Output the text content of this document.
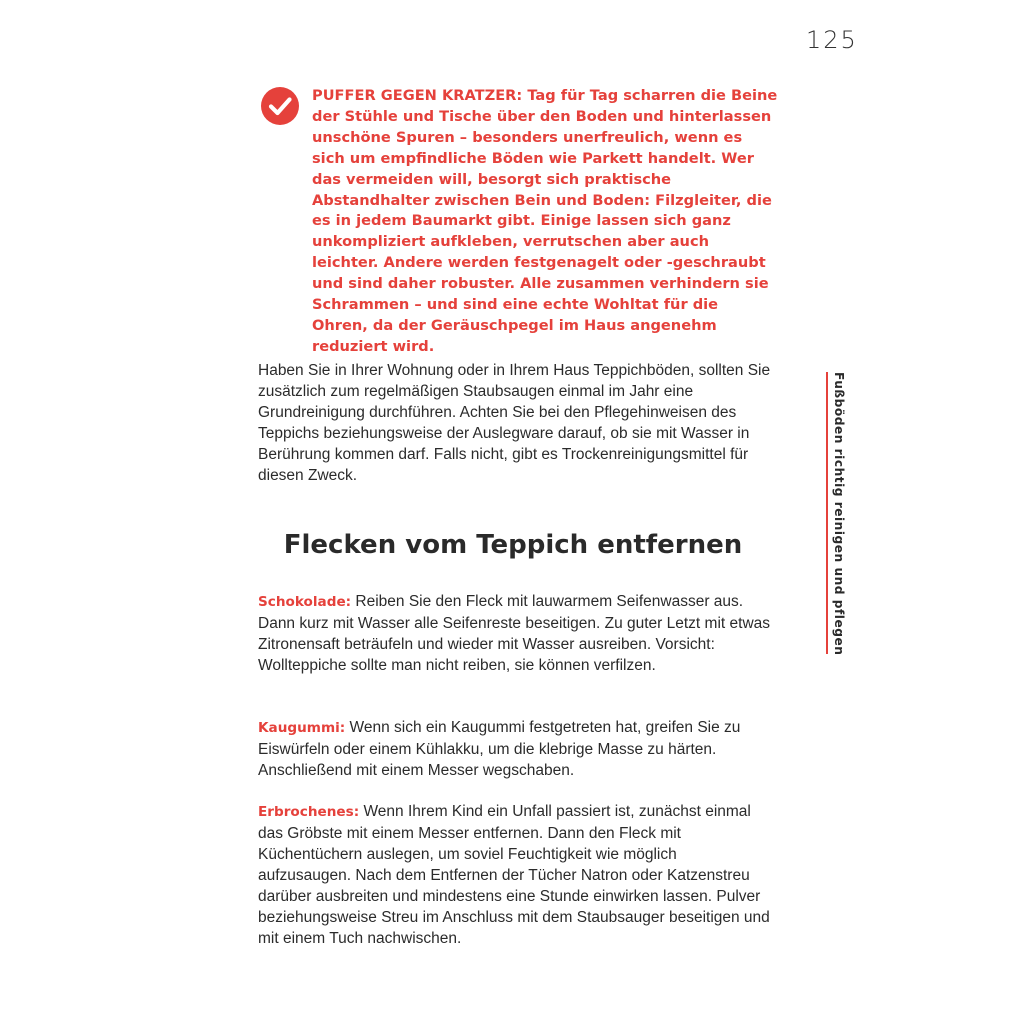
125

PUFFER GEGEN KRATZER: Tag für Tag scharren die Beine der Stühle und Tische über den Boden und hinterlassen unschöne Spuren – besonders unerfreulich, wenn es sich um empfindliche Böden wie Parkett handelt. Wer das vermeiden will, besorgt sich praktische Abstandhalter zwischen Bein und Boden: Filzgleiter, die es in jedem Baumarkt gibt. Einige lassen sich ganz unkompliziert aufkleben, verrutschen aber auch leichter. Andere werden festgenagelt oder -geschraubt und sind daher robuster. Alle zusammen verhindern sie Schrammen – und sind eine echte Wohltat für die Ohren, da der Geräuschpegel im Haus angenehm reduziert wird.

Haben Sie in Ihrer Wohnung oder in Ihrem Haus Teppichböden, sollten Sie zusätzlich zum regelmäßigen Staubsaugen einmal im Jahr eine Grundreinigung durchführen. Achten Sie bei den Pflegehinweisen des Teppichs beziehungsweise der Auslegware darauf, ob sie mit Wasser in Berührung kommen darf. Falls nicht, gibt es Trockenreinigungsmittel für diesen Zweck.

Flecken vom Teppich entfernen

Schokolade: Reiben Sie den Fleck mit lauwarmem Seifenwasser aus. Dann kurz mit Wasser alle Seifenreste beseitigen. Zu guter Letzt mit etwas Zitronensaft beträufeln und wieder mit Wasser ausreiben. Vorsicht: Wollteppiche sollte man nicht reiben, sie können verfilzen.

Kaugummi: Wenn sich ein Kaugummi festgetreten hat, greifen Sie zu Eiswürfeln oder einem Kühlakku, um die klebrige Masse zu härten. Anschließend mit einem Messer wegschaben.

Erbrochenes: Wenn Ihrem Kind ein Unfall passiert ist, zunächst einmal das Gröbste mit einem Messer entfernen. Dann den Fleck mit Küchentüchern auslegen, um soviel Feuchtigkeit wie möglich aufzusaugen. Nach dem Entfernen der Tücher Natron oder Katzenstreu darüber ausbreiten und mindestens eine Stunde einwirken lassen. Pulver beziehungsweise Streu im Anschluss mit dem Staubsauger beseitigen und mit einem Tuch nachwischen.

Fußböden richtig reinigen und pflegen
